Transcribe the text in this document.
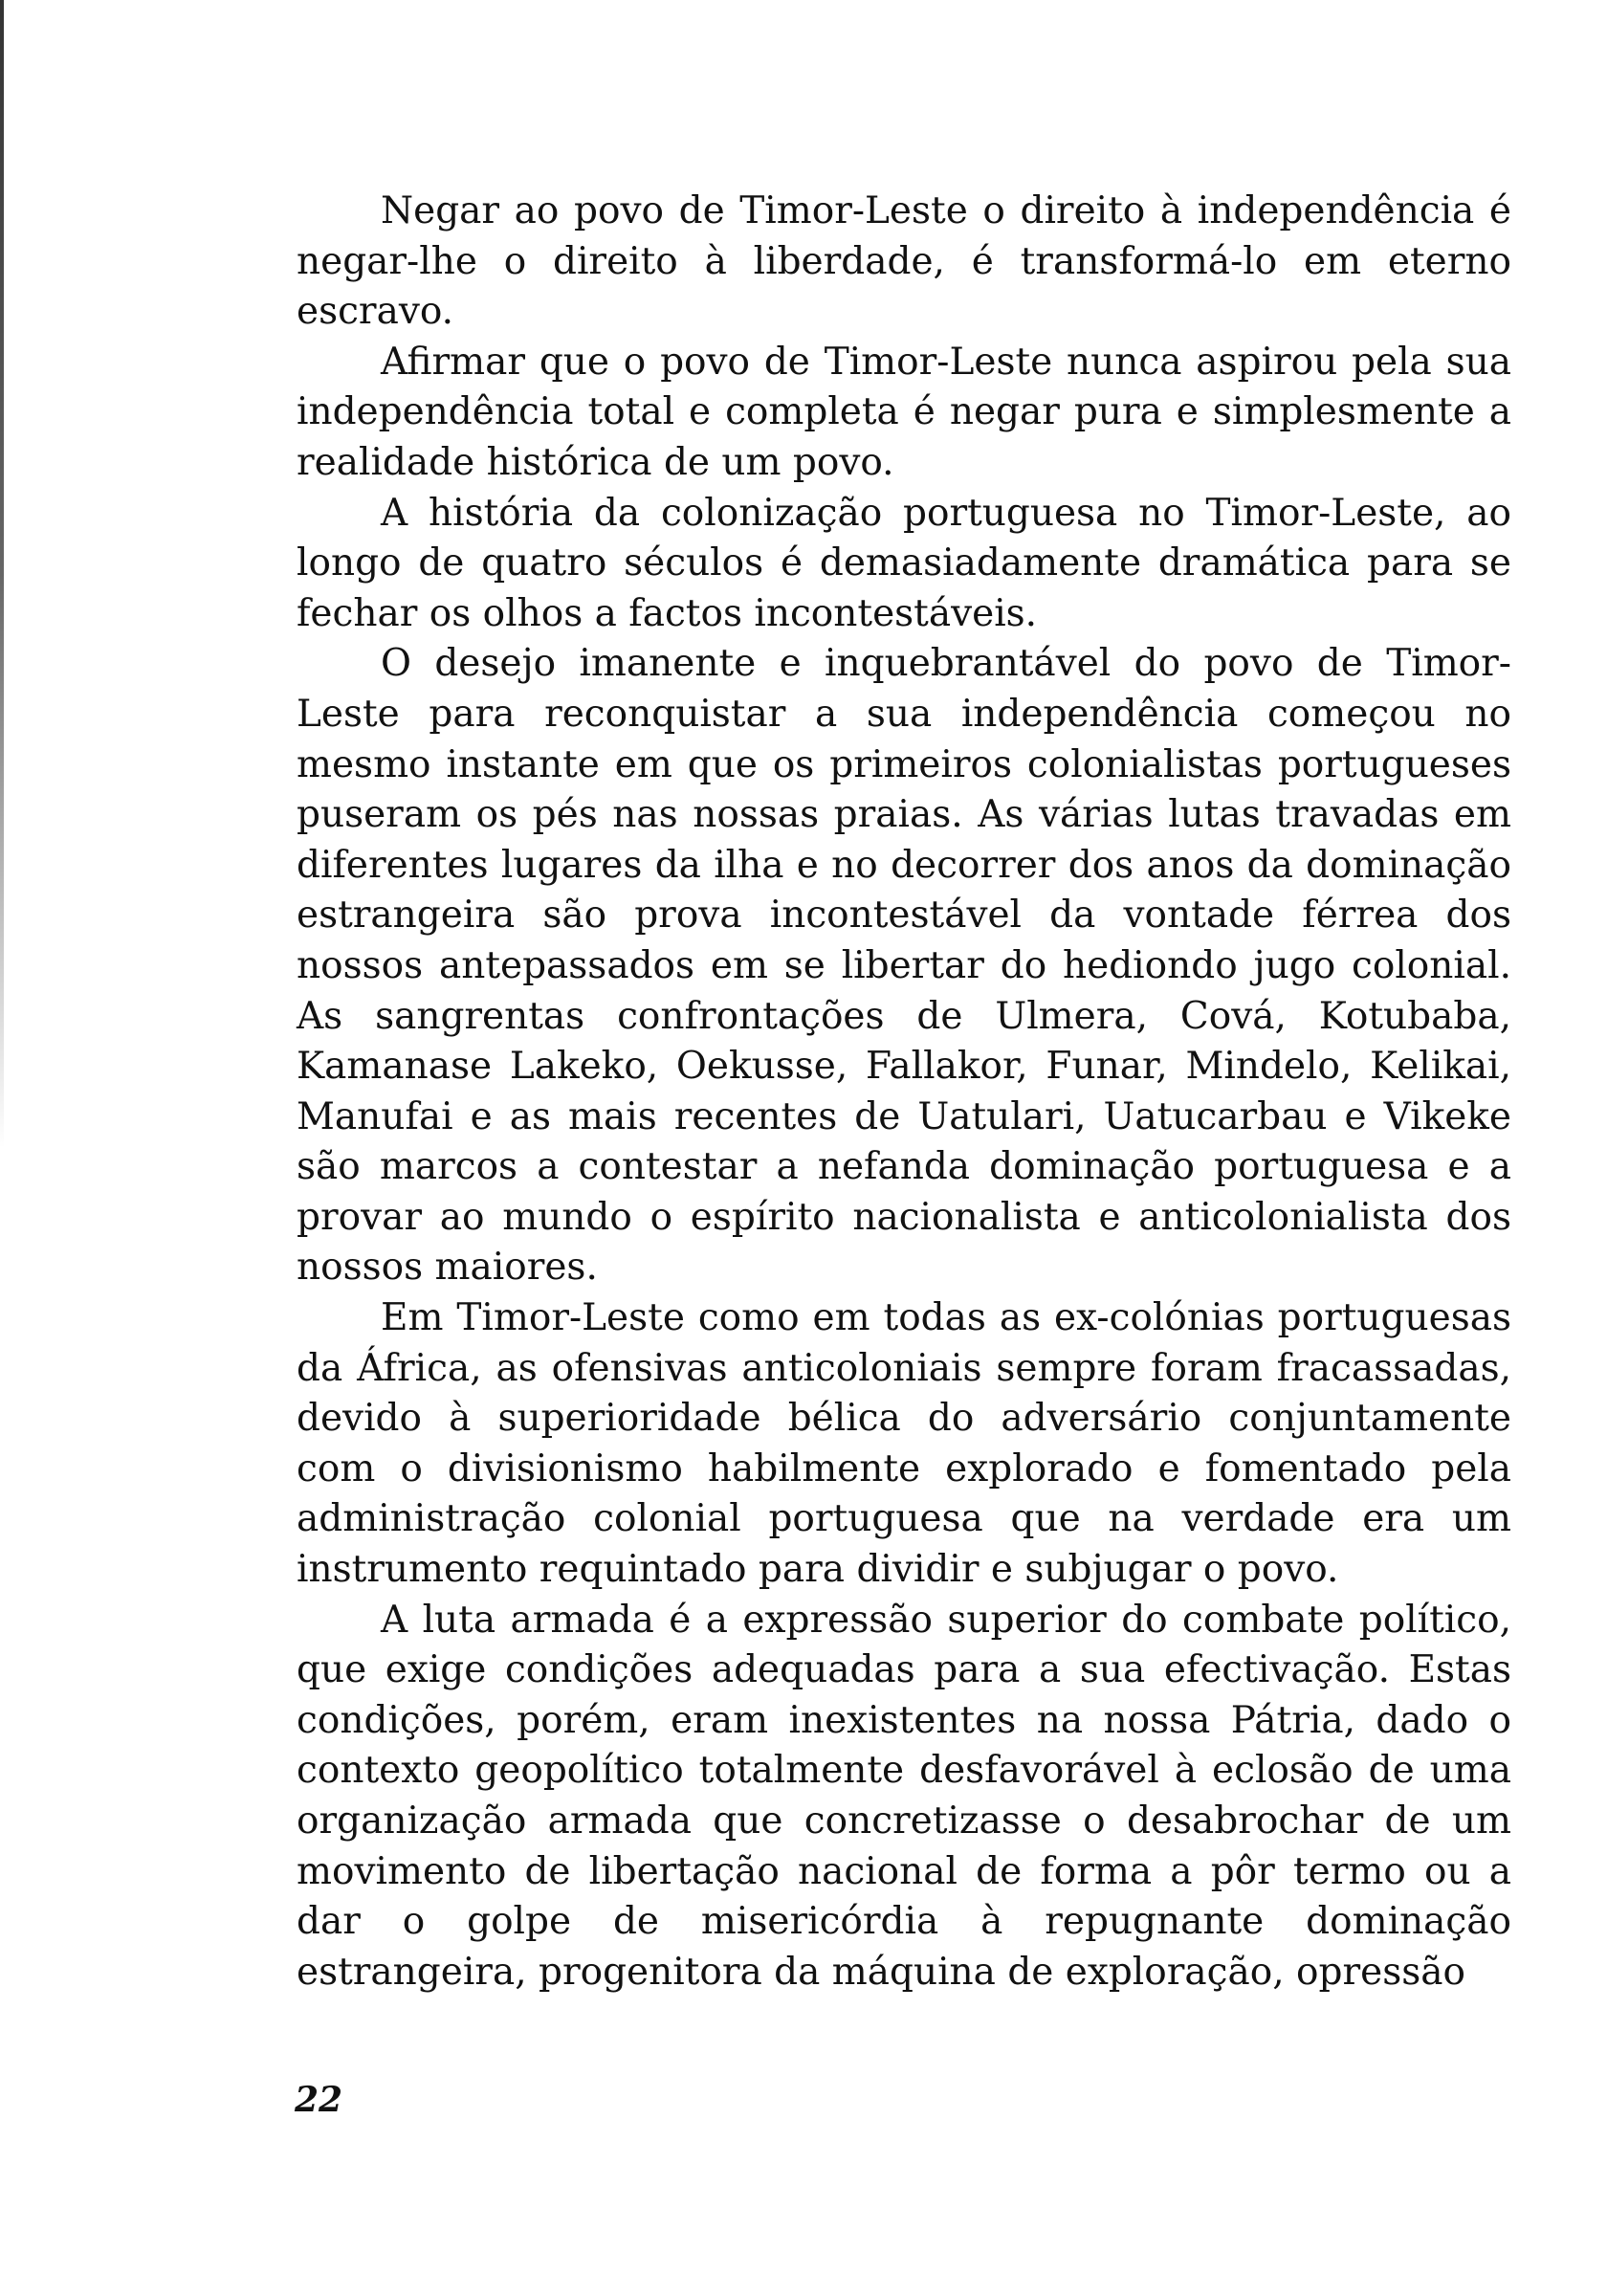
Negar ao povo de Timor-Leste o direito à independência é negar-lhe o direito à liberdade, é transformá-lo em eterno escravo.

Afirmar que o povo de Timor-Leste nunca aspirou pela sua independência total e completa é negar pura e simplesmente a realidade histórica de um povo.

A história da colonização portuguesa no Timor-Leste, ao longo de quatro séculos é demasiadamente dramática para se fechar os olhos a factos incontestáveis.

O desejo imanente e inquebrantável do povo de Timor-Leste para reconquistar a sua independência começou no mesmo instante em que os primeiros colonialistas portugueses puseram os pés nas nossas praias. As várias lutas travadas em diferentes lugares da ilha e no decorrer dos anos da dominação estrangeira são prova incontestável da vontade férrea dos nossos antepassados em se libertar do hediondo jugo colonial. As sangrentas confrontações de Ulmera, Cová, Kotubaba, Kamanase Lakeko, Oekusse, Fallakor, Funar, Mindelo, Kelikai, Manufai e as mais recentes de Uatulari, Uatucarbau e Vikeke são marcos a contestar a nefanda dominação portuguesa e a provar ao mundo o espírito nacionalista e anticolonialista dos nossos maiores.

Em Timor-Leste como em todas as ex-colónias portuguesas da África, as ofensivas anticoloniais sempre foram fracassadas, devido à superioridade bélica do adversário conjuntamente com o divisionismo habilmente explorado e fomentado pela administração colonial portuguesa que na verdade era um instrumento requintado para dividir e subjugar o povo.

A luta armada é a expressão superior do combate político, que exige condições adequadas para a sua efectivação. Estas condições, porém, eram inexistentes na nossa Pátria, dado o contexto geopolítico totalmente desfavorável à eclosão de uma organização armada que concretizasse o desabrochar de um movimento de libertação nacional de forma a pôr termo ou a dar o golpe de misericórdia à repugnante dominação estrangeira, progenitora da máquina de exploração, opressão

22
